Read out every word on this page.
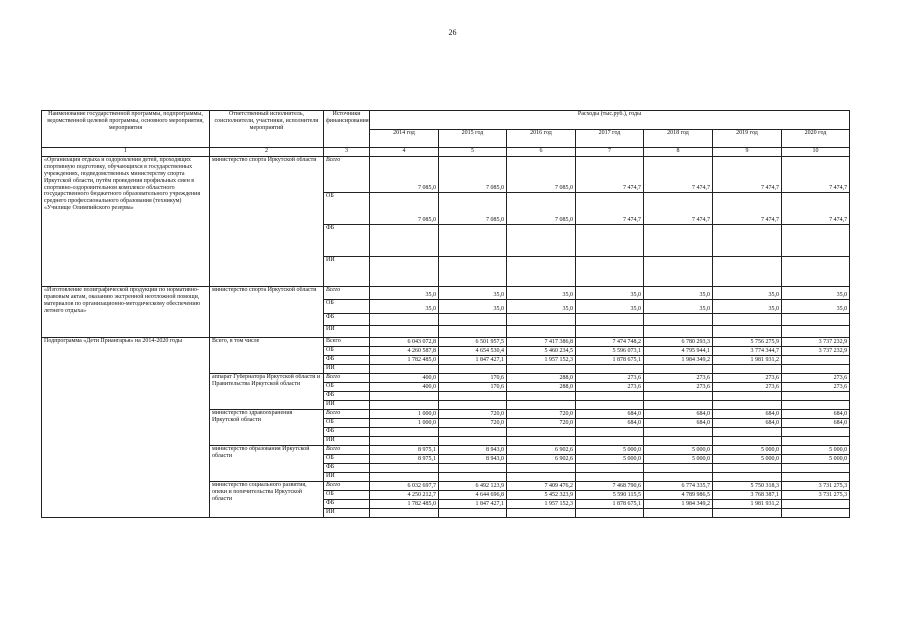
26
Наименование государственной программы, подпрограммы, ведомственной целевой программы, основного мероприятия, мероприятия	Ответственный исполнитель, соисполнители, участники, исполнители мероприятий	Источники финансирования	Расходы (тыс.руб.), годы						
			2014 год	2015 год	2016 год	2017 год	2018 год	2019 год	2020 год
1	2	3	4	5	6	7	8	9	10
«Организация отдыха и оздоровления детей, проходящих спортивную подготовку, обучающихся в государственных учреждениях, подведомственных министерству спорта Иркутской области, путём проведения профильных смен в спортивно-оздоровительном комплексе областного государственного бюджетного образовательного учреждения среднего профессионального образования (техникум) «Училище Олимпийского резерва»	министерство спорта Иркутской области	Всего	7 085,0	7 085,0	7 085,0	7 474,7	7 474,7	7 474,7	7 474,7
		ОБ	7 085,0	7 085,0	7 085,0	7 474,7	7 474,7	7 474,7	7 474,7
		ФБ							
		ИИ							
«Изготовление полиграфической продукции по нормативно-правовым актам, оказанию экстренной неотложной помощи, материалов по организационно-методическому обеспечению летнего отдыха»	министерство спорта Иркутской области	Всего	35,0	35,0	35,0	35,0	35,0	35,0	35,0
		ОБ	35,0	35,0	35,0	35,0	35,0	35,0	35,0
		ФБ							
		ИИ							
Подпрограмма «Дети Приангарья» на 2014-2020 годы	Всего, в том числе	Всего	6 043 072,8	6 501 957,5	7 417 386,8	7 474 748,2	6 780 293,3	5 756 275,9	3 737 232,9
		ОБ	4 260 587,8	4 654 530,4	5 460 234,5	5 596 073,1	4 795 944,1	3 774 344,7	3 737 232,9
		ФБ	1 782 485,0	1 847 427,1	1 957 152,3	1 878 675,1	1 984 349,2	1 981 931,2	
		ИИ							
	аппарат Губернатора Иркутской области и Правительства Иркутской области	Всего	400,0	170,6	288,0	273,6	273,6	273,6	273,6
		ОБ	400,0	170,6	288,0	273,6	273,6	273,6	273,6
		ФБ							
		ИИ							
	министерство здравоохранения Иркутской области	Всего	1 000,0	720,0	720,0	684,0	684,0	684,0	684,0
		ОБ	1 000,0	720,0	720,0	684,0	684,0	684,0	684,0
		ФБ							
		ИИ							
	министерство образования Иркутской области	Всего	8 975,1	8 943,0	6 902,6	5 000,0	5 000,0	5 000,0	5 000,0
		ОБ	8 975,1	8 943,0	6 902,6	5 000,0	5 000,0	5 000,0	5 000,0
		ФБ							
		ИИ							
	министерство социального развития, опеки и попечительства Иркутской области	Всего	6 032 697,7	6 492 123,9	7 409 476,2	7 468 790,6	6 774 335,7	5 750 318,3	3 731 275,3
		ОБ	4 250 212,7	4 644 696,8	5 452 323,9	5 590 115,5	4 789 986,5	3 768 387,1	3 731 275,3
		ФБ	1 782 485,0	1 847 427,1	1 957 152,3	1 878 675,1	1 984 349,2	1 981 931,2	
		ИИ							
